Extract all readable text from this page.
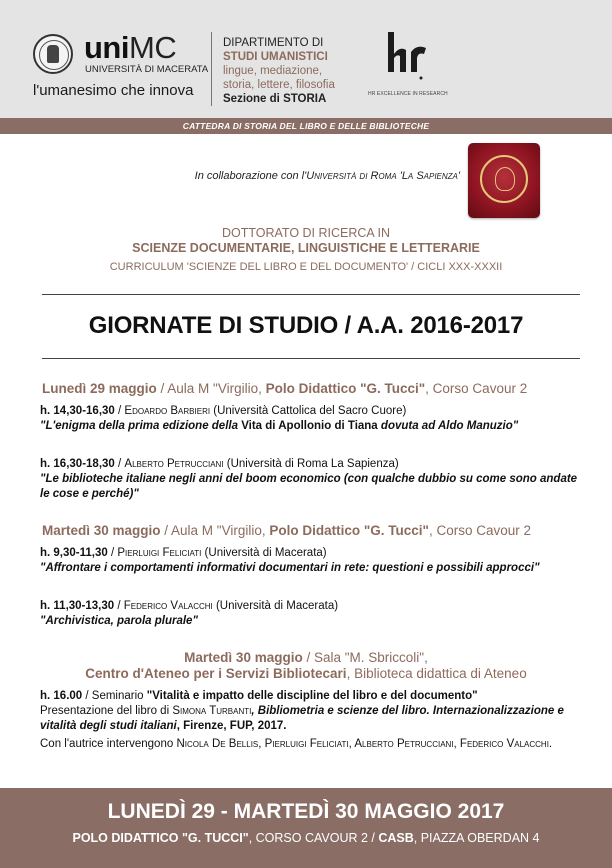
uniMC
UNIVERSITÀ DI MACERATA
l'umanesimo che innova
DIPARTIMENTO DI
STUDI UMANISTICI
lingue, mediazione,
storia, lettere, filosofia
Sezione di STORIA	HR EXCELLENCE IN RESEARCH
CATTEDRA DI STORIA DEL LIBRO E DELLE BIBLIOTECHE
In collaborazione con l'Università di Roma 'La Sapienza'
DOTTORATO DI RICERCA IN
SCIENZE DOCUMENTARIE, LINGUISTICHE E LETTERARIE
CURRICULUM 'SCIENZE DEL LIBRO E DEL DOCUMENTO' / CICLI XXX-XXXII
GIORNATE DI STUDIO / A.A. 2016-2017
Lunedì 29 maggio / Aula M "Virgilio, Polo Didattico "G. Tucci", Corso Cavour 2
h. 14,30-16,30 / Edoardo Barbieri (Università Cattolica del Sacro Cuore)
"L'enigma della prima edizione della Vita di Apollonio di Tiana dovuta ad Aldo Manuzio"
h. 16,30-18,30 / Alberto Petrucciani (Università di Roma La Sapienza)
"Le biblioteche italiane negli anni del boom economico (con qualche dubbio su come sono andate le cose e perché)"
Martedì 30 maggio / Aula M "Virgilio, Polo Didattico "G. Tucci", Corso Cavour 2
h. 9,30-11,30 / Pierluigi Feliciati (Università di Macerata)
"Affrontare i comportamenti informativi documentari in rete: questioni e possibili approcci"
h. 11,30-13,30 / Federico Valacchi (Università di Macerata)
"Archivistica, parola plurale"
Martedì 30 maggio / Sala "M. Sbriccoli",
Centro d'Ateneo per i Servizi Bibliotecari, Biblioteca didattica di Ateneo
h. 16.00 / Seminario "Vitalità e impatto delle discipline del libro e del documento"
Presentazione del libro di Simona Turbanti, Bibliometria e scienze del libro. Internazionalizzazione e vitalità degli studi italiani, Firenze, FUP, 2017.
Con l'autrice intervengono Nicola De Bellis, Pierluigi Feliciati, Alberto Petrucciani, Federico Valacchi.
LUNEDÌ 29 - MARTEDÌ 30 MAGGIO 2017
POLO DIDATTICO "G. TUCCI", CORSO CAVOUR 2 / CASB, PIAZZA OBERDAN 4
